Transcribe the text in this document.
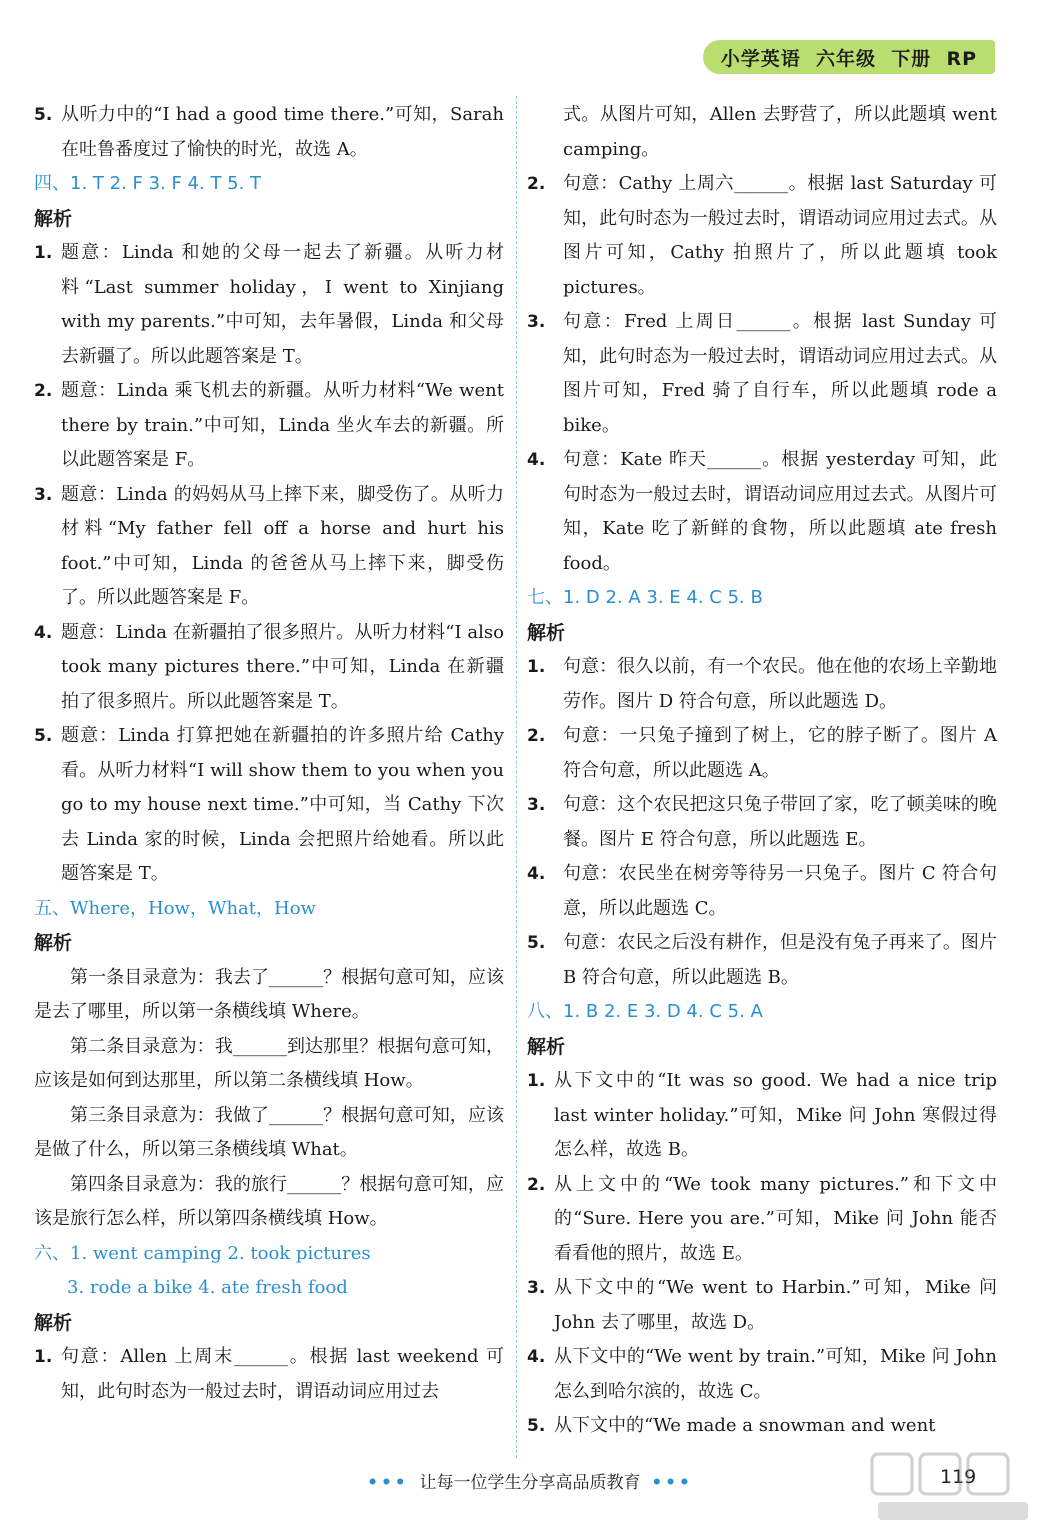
小学英语  六年级  下册  RP
5. 从听力中的“I had a good time there.”可知，Sarah在吐鲁番度过了愉快的时光，故选 A。
四、1. T 2. F 3. F 4. T 5. T
解析
1. 题意：Linda 和她的父母一起去了新疆。从听力材料“Last summer holiday，I went to Xinjiang with my parents.”中可知，去年暑假，Linda 和父母去新疆了。所以此题答案是 T。
2. 题意：Linda 乘飞机去的新疆。从听力材料“We went there by train.”中可知，Linda 坐火车去的新疆。所以此题答案是 F。
3. 题意：Linda 的妈妈从马上摔下来，脚受伤了。从听力材料“My father fell off a horse and hurt his foot.”中可知，Linda 的爸爸从马上摔下来，脚受伤了。所以此题答案是 F。
4. 题意：Linda 在新疆拍了很多照片。从听力材料“I also took many pictures there.”中可知，Linda 在新疆拍了很多照片。所以此题答案是 T。
5. 题意：Linda 打算把她在新疆拍的许多照片给 Cathy 看。从听力材料“I will show them to you when you go to my house next time.”中可知，当 Cathy 下次去 Linda 家的时候，Linda 会把照片给她看。所以此题答案是 T。
五、Where，How，What，How
解析
第一条目录意为：我去了______？根据句意可知，应该是去了哪里，所以第一条横线填 Where。
第二条目录意为：我______到达那里？根据句意可知，应该是如何到达那里，所以第二条横线填 How。
第三条目录意为：我做了______？根据句意可知，应该是做了什么，所以第三条横线填 What。
第四条目录意为：我的旅行______？根据句意可知，应该是旅行怎么样，所以第四条横线填 How。
六、1. went camping 2. took pictures
3. rode a bike 4. ate fresh food
解析
1. 句意：Allen 上周末______。根据 last weekend 可知，此句时态为一般过去时，谓语动词应用过去
式。从图片可知，Allen 去野营了，所以此题填 went camping。
2. 句意：Cathy 上周六______。根据 last Saturday 可知，此句时态为一般过去时，谓语动词应用过去式。从图片可知，Cathy 拍照片了，所以此题填 took pictures。
3. 句意：Fred 上周日______。根据 last Sunday 可知，此句时态为一般过去时，谓语动词应用过去式。从图片可知，Fred 骑了自行车，所以此题填 rode a bike。
4. 句意：Kate 昨天______。根据 yesterday 可知，此句时态为一般过去时，谓语动词应用过去式。从图片可知，Kate 吃了新鲜的食物，所以此题填 ate fresh food。
七、1. D 2. A 3. E 4. C 5. B
解析
1. 句意：很久以前，有一个农民。他在他的农场上辛勤地劳作。图片 D 符合句意，所以此题选 D。
2. 句意：一只兔子撞到了树上，它的脖子断了。图片 A 符合句意，所以此题选 A。
3. 句意：这个农民把这只兔子带回了家，吃了顿美味的晚餐。图片 E 符合句意，所以此题选 E。
4. 句意：农民坐在树旁等待另一只兔子。图片 C 符合句意，所以此题选 C。
5. 句意：农民之后没有耕作，但是没有兔子再来了。图片 B 符合句意，所以此题选 B。
八、1. B 2. E 3. D 4. C 5. A
解析
1. 从下文中的“It was so good. We had a nice trip last winter holiday.”可知，Mike 问 John 寒假过得怎么样，故选 B。
2. 从上文中的“We took many pictures.”和下文中的“Sure. Here you are.”可知，Mike 问 John 能否看看他的照片，故选 E。
3. 从下文中的“We went to Harbin.”可知，Mike 问 John 去了哪里，故选 D。
4. 从下文中的“We went by train.”可知，Mike 问 John 怎么到哈尔滨的，故选 C。
5. 从下文中的“We made a snowman and went
••• 让每一位学生分享高品质教育 •••	119
